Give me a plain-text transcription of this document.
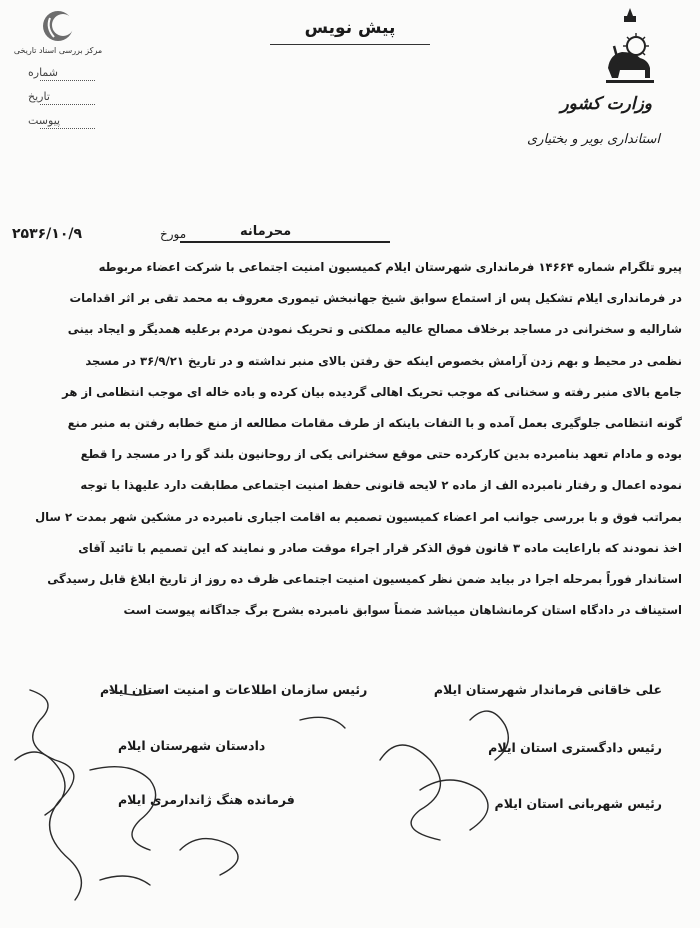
مرکز بررسی اسناد تاریخی
شماره
تاریخ
پیوست
پیش نویس
وزارت کشور
استانداری بویر و بختیاری
محرمانه
مورخ
۲۵۳۶/۱۰/۹

پیرو تلگرام شماره ۱۴۶۶۴ فرمانداری شهرستان ایلام کمیسیون امنیت اجتماعی با شرکت اعضاء مربوطه

در فرمانداری ایلام تشکیل پس از استماع سوابق شیخ جهانبخش تیموری معروف به محمد تقی بر اثر اقدامات

شارالیه و سخنرانی در مساجد برخلاف مصالح عالیه مملکتی و تحریک نمودن مردم برعلیه همدیگر و ایجاد بینی

نظمی در محیط و بهم زدن آرامش بخصوص اینکه حق رفتن بالای منبر نداشته و در تاریخ ۳۶/۹/۲۱ در مسجد

جامع بالای منبر رفته و سخنانی که موجب تحریک اهالی گردیده بیان کرده و باده خاله ای موجب انتظامی از هر

گونه انتظامی جلوگیری بعمل آمده و با التفات باینکه از طرف مقامات مطالعه از منع خطابه رفتن به منبر منع

بوده و مادام تعهد بنامبرده بدین کارکرده حتی موقع سخنرانی یکی از روحانیون بلند گو را در مسجد را قطع

نموده اعمال و رفتار نامبرده الف از ماده ۲ لایحه قانونی حفظ امنیت اجتماعی مطابقت دارد علیهذا با توجه

بمراتب فوق و با بررسی جوانب امر اعضاء کمیسیون تصمیم به اقامت اجباری نامبرده در مشکین شهر بمدت ۲ سال

اخذ نمودند که باراعایت ماده ۳ قانون فوق الذکر قرار اجراء موقت صادر و نمایند که این تصمیم با تائید آقای

استاندار فوراً بمرحله اجرا در بیاید ضمن نظر کمیسیون امنیت اجتماعی ظرف ده روز از تاریخ ابلاغ قابل رسیدگی

استیناف در دادگاه استان کرمانشاهان میباشد ضمناً سوابق نامبرده بشرح برگ جداگانه پیوست است

علی خاقانی فرماندار شهرستان ایلام
رئیس دادگستری استان ایلام
رئیس شهربانی استان ایلام
رئیس سازمان اطلاعات و امنیت استان ایلام
دادستان شهرستان ایلام
فرمانده هنگ ژاندارمری ایلام
